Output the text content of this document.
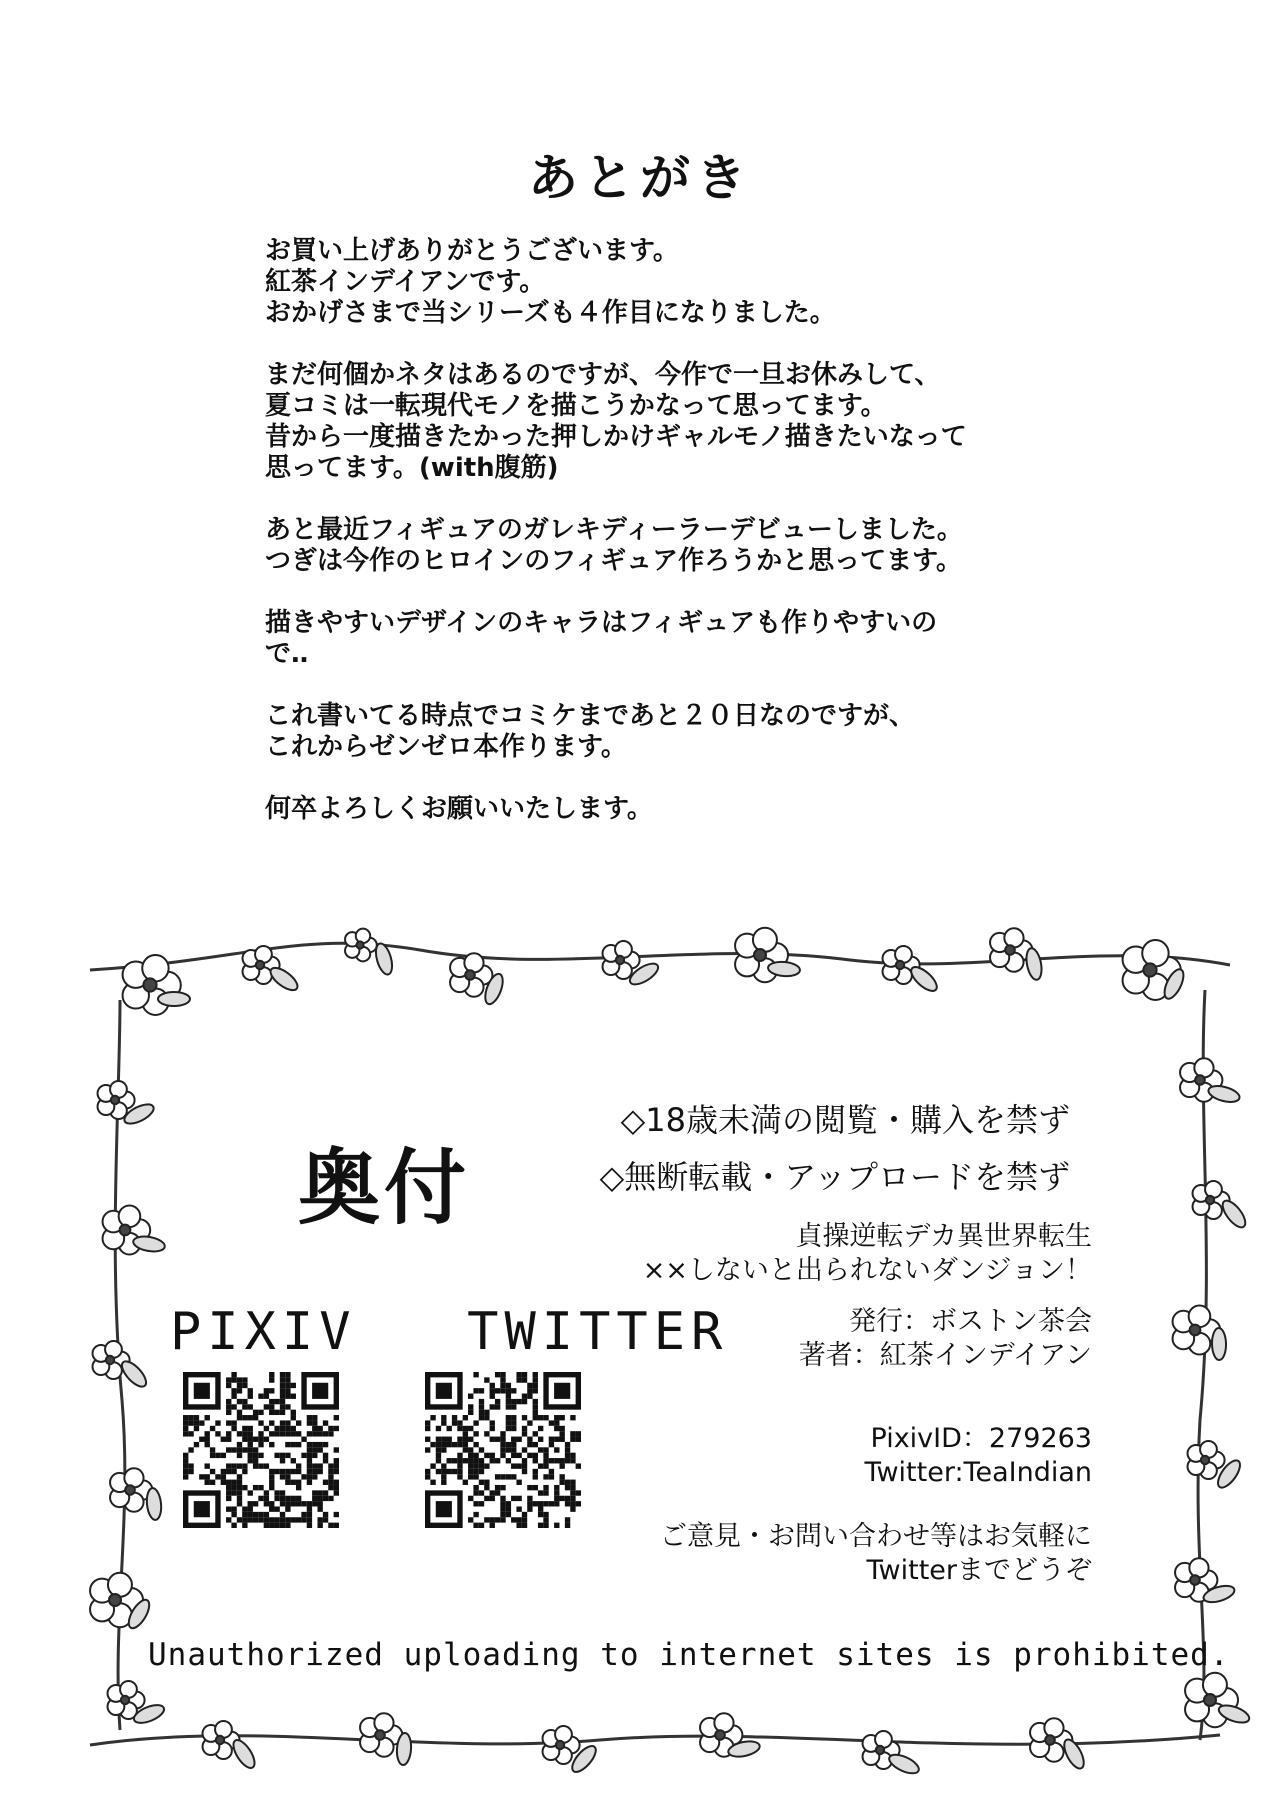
あとがき
お買い上げありがとうございます。
紅茶インデイアンです。
おかげさまで当シリーズも４作目になりました。
まだ何個かネタはあるのですが、今作で一旦お休みして、
夏コミは一転現代モノを描こうかなって思ってます。
昔から一度描きたかった押しかけギャルモノ描きたいなって
思ってます。(with腹筋)
あと最近フィギュアのガレキディーラーデビューしました。
つぎは今作のヒロインのフィギュア作ろうかと思ってます。
描きやすいデザインのキャラはフィギュアも作りやすいの
で‥
これ書いてる時点でコミケまであと２０日なのですが、
これからゼンゼロ本作ります。
何卒よろしくお願いいたします。
奥付
◇18歳未満の閲覧・購入を禁ず
◇無断転載・アップロードを禁ず
貞操逆転デカ異世界転生
××しないと出られないダンジョン！
発行：ボストン茶会
著者：紅茶インデイアン
PixivID：279263
Twitter:TeaIndian
ご意見・お問い合わせ等はお気軽に
Twitterまでどうぞ
PIXIV TWITTER
Unauthorized uploading to internet sites is prohibited.
